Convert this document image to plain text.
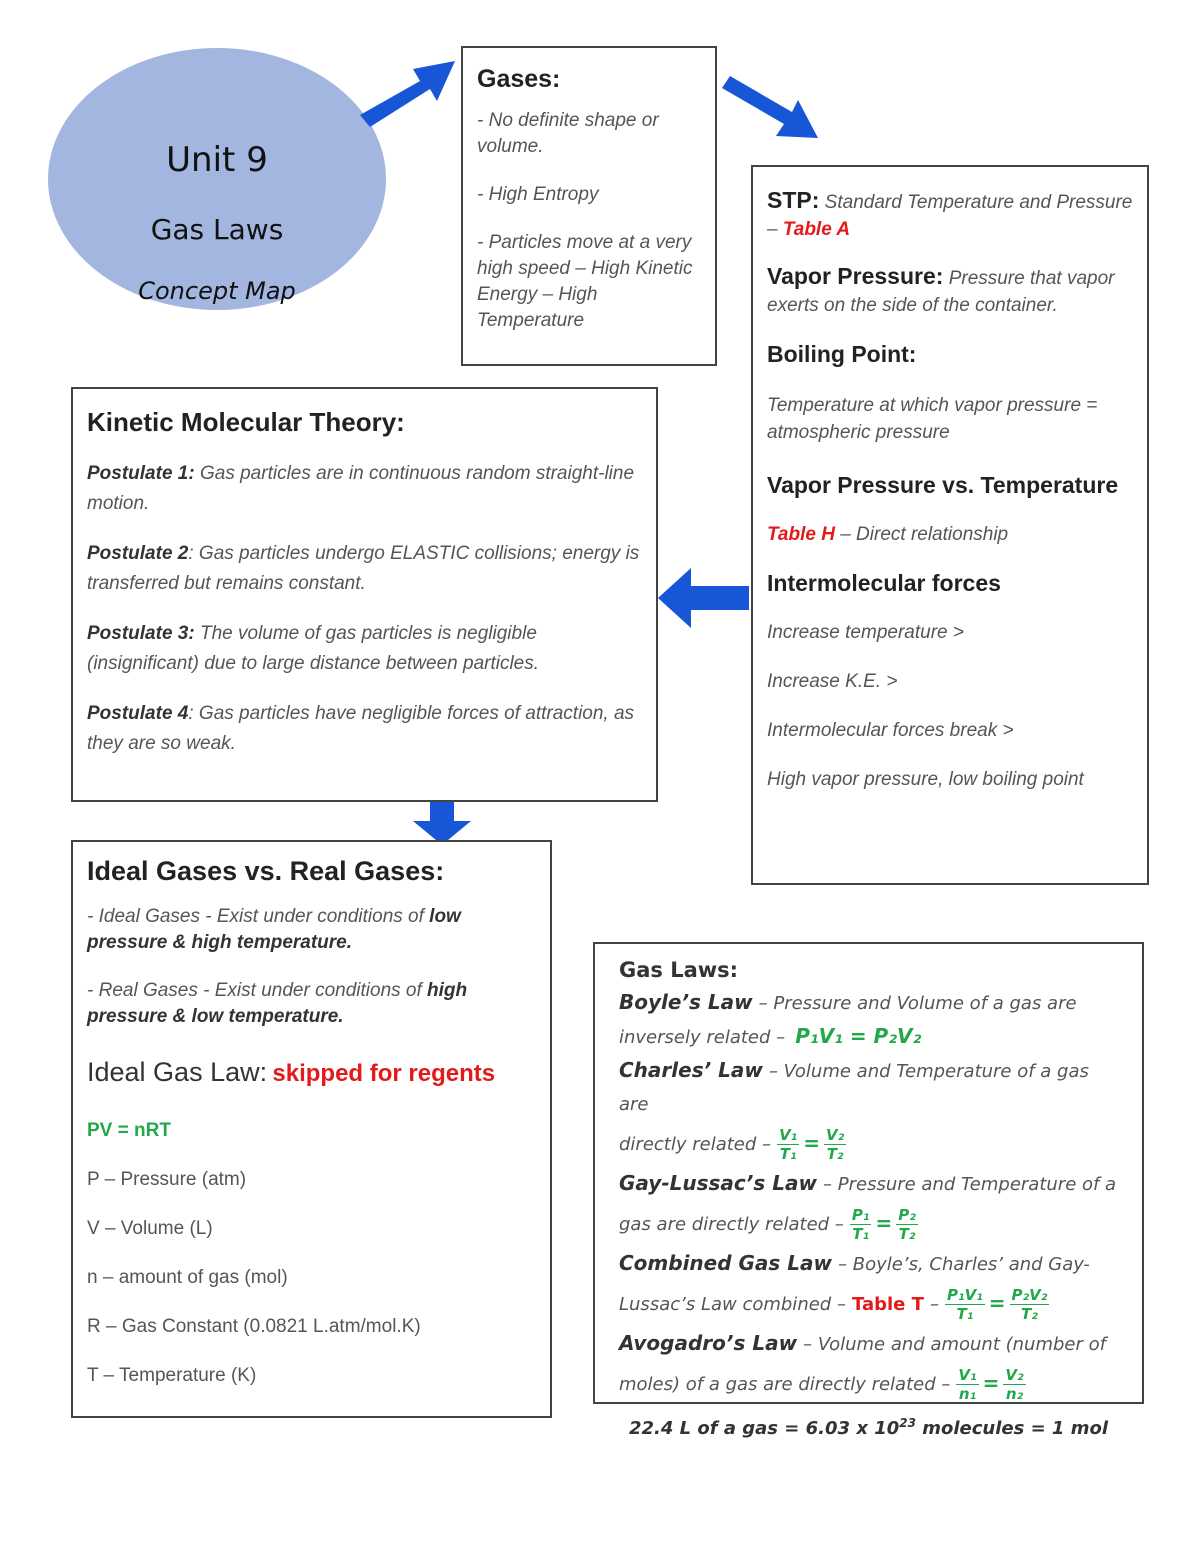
Unit 9
Gas Laws
Concept Map
Gases:

- No definite shape or volume.

- High Entropy

- Particles move at a very high speed – High Kinetic Energy – High Temperature

STP: Standard Temperature and Pressure – Table A

Vapor Pressure: Pressure that vapor exerts on the side of the container.

Boiling Point:

Temperature at which vapor pressure = atmospheric pressure

Vapor Pressure vs. Temperature

Table H – Direct relationship

Intermolecular forces

Increase temperature >

Increase K.E. >

Intermolecular forces break >

High vapor pressure, low boiling point

Kinetic Molecular Theory:

Postulate 1: Gas particles are in continuous random straight-line motion.

Postulate 2: Gas particles undergo ELASTIC collisions; energy is transferred but remains constant.

Postulate 3: The volume of gas particles is negligible (insignificant) due to large distance between particles.

Postulate 4: Gas particles have negligible forces of attraction, as they are so weak.

Ideal Gases vs. Real Gases:

- Ideal Gases - Exist under conditions of low pressure & high temperature.

- Real Gases - Exist under conditions of high pressure & low temperature.

Ideal Gas Law: skipped for regents

PV = nRT

P – Pressure (atm)

V – Volume (L)

n – amount of gas (mol)

R – Gas Constant (0.0821 L.atm/mol.K)

T – Temperature (K)

Gas Laws:

Boyle’s Law – Pressure and Volume of a gas are

inversely related – P₁V₁ = P₂V₂

Charles’ Law – Volume and Temperature of a gas are

directly related – $\frac{\text{V₁}}{\text{T₁}} = \frac{\text{V₂}}{\text{T₂}}$

Gay-Lussac’s Law – Pressure and Temperature of a

gas are directly related – $\frac{\text{P₁}}{\text{T₁}} = \frac{\text{P₂}}{\text{T₂}}$

Combined Gas Law – Boyle’s, Charles’ and Gay-

Lussac’s Law combined – Table $T - \frac{\text{P₁V₁}}{\text{T₁}} = \frac{\text{P₂V₂}}{\text{T₂}}$

Avogadro’s Law – Volume and amount (number of

moles) of a gas are directly related – $\frac{\text{V₁}}{\text{n₁}} = \frac{\text{V₂}}{\text{n₂}}$

22.4 L of a gas = 6.03 x $10^{23}$ molecules = 1 mol
